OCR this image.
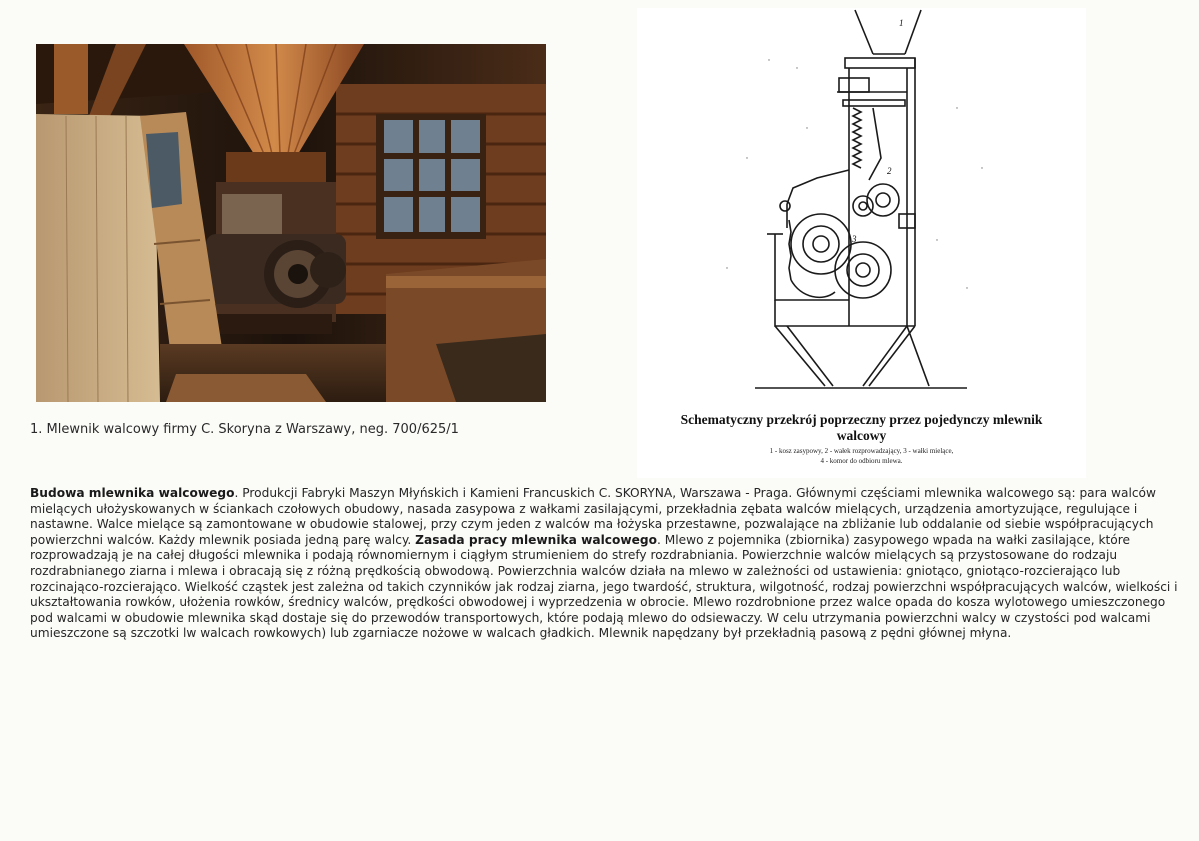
1. Mlewnik walcowy firmy C. Skoryna z Warszawy, neg. 700/625/1
1
2
3
Schematyczny przekrój poprzeczny przez pojedynczy mlewnik
walcowy
1 - kosz zasypowy, 2 - wałek rozprowadzający, 3 - wałki mielące,
4 - komor do odbioru mlewa.
Budowa mlewnika walcowego. Produkcji Fabryki Maszyn Młyńskich i Kamieni Francuskich C. SKORYNA, Warszawa - Praga. Głównymi częściami mlewnika walcowego są: para walców mielących ułożyskowanych w ściankach czołowych obudowy, nasada zasypowa z wałkami zasilającymi, przekładnia zębata walców mielących, urządzenia amortyzujące, regulujące i nastawne. Walce mielące są zamontowane w obudowie stalowej, przy czym jeden z walców ma łożyska przestawne, pozwalające na zbliżanie lub oddalanie od siebie współpracujących powierzchni walców. Każdy mlewnik posiada jedną parę walcy. Zasada pracy mlewnika walcowego. Mlewo z pojemnika (zbiornika) zasypowego wpada na wałki zasilające, które rozprowadzają je na całej długości mlewnika i podają równomiernym i ciągłym strumieniem do strefy rozdrabniania. Powierzchnie walców mielących są przystosowane do rodzaju rozdrabnianego ziarna i mlewa i obracają się z różną prędkością obwodową. Powierzchnia walców działa na mlewo w zależności od ustawienia: gniotąco, gniotąco-rozcierająco lub rozcinająco-rozcierająco. Wielkość cząstek jest zależna od takich czynników jak rodzaj ziarna, jego twardość, struktura, wilgotność, rodzaj powierzchni współpracujących walców, wielkości i ukształtowania rowków, ułożenia rowków, średnicy walców, prędkości obwodowej i wyprzedzenia w obrocie. Mlewo rozdrobnione przez walce opada do kosza wylotowego umieszczonego pod walcami w obudowie mlewnika skąd dostaje się do przewodów transportowych, które podają mlewo do odsiewaczy. W celu utrzymania powierzchni walcy w czystości pod walcami umieszczone są szczotki lw walcach rowkowych) lub zgarniacze nożowe w walcach gładkich. Mlewnik napędzany był przekładnią pasową z pędni głównej młyna.
